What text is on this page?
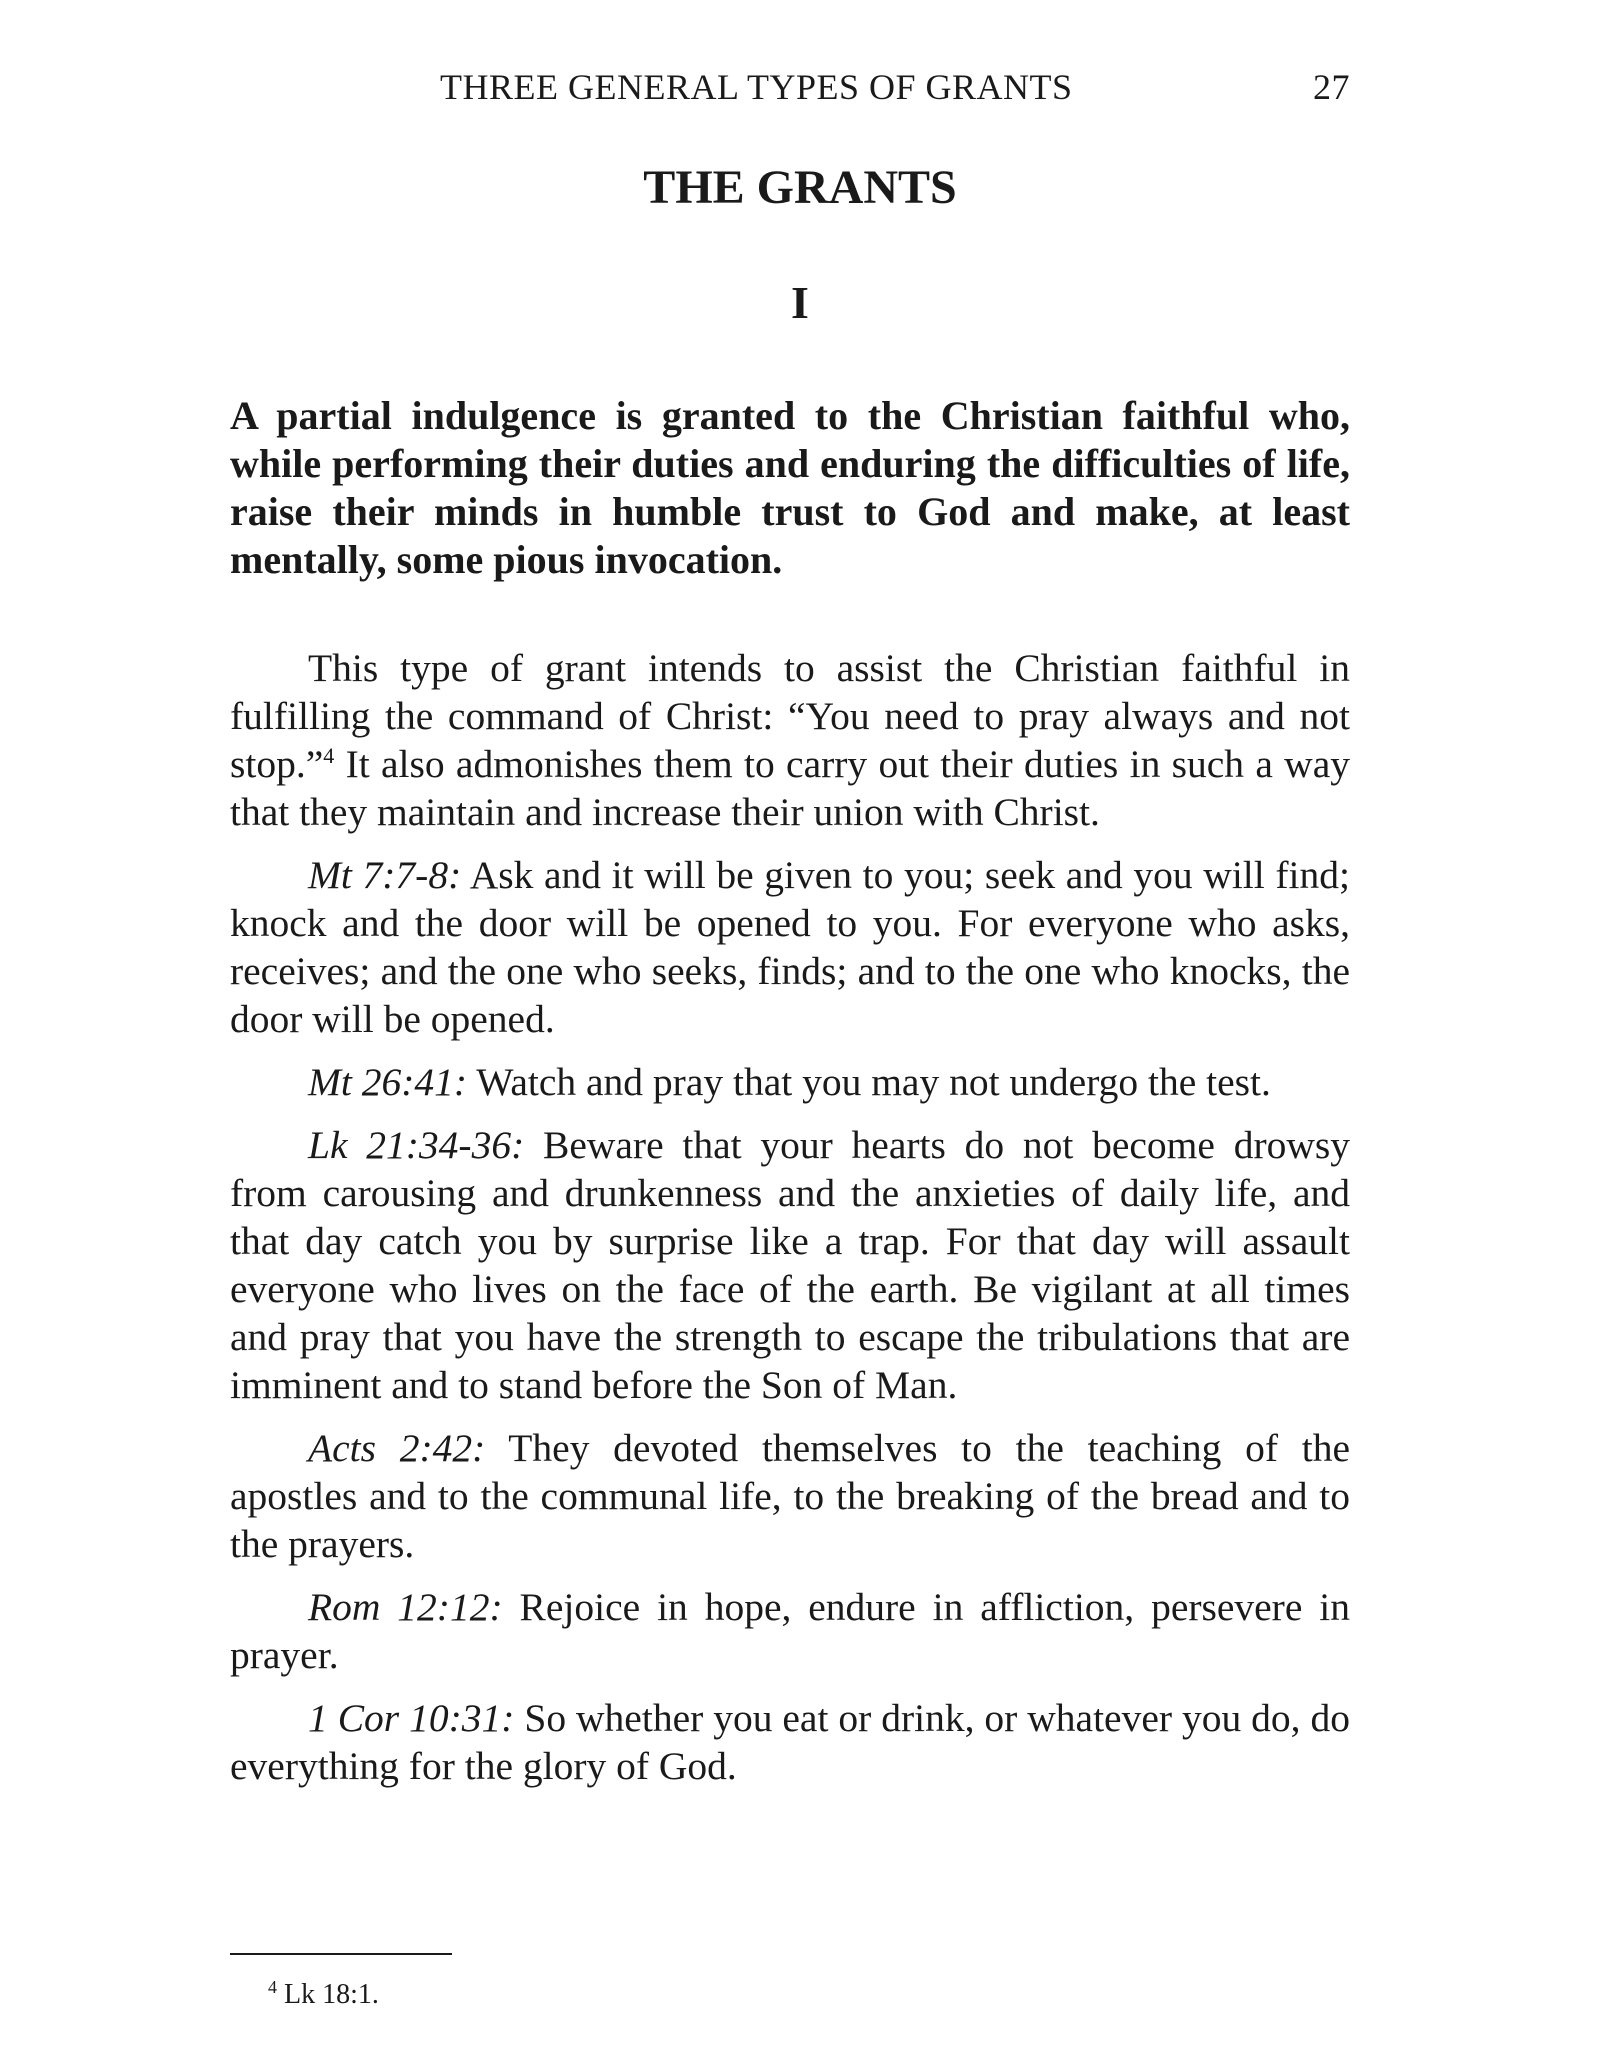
THREE GENERAL TYPES OF GRANTS	27
THE GRANTS
I

A partial indulgence is granted to the Christian faithful who, while performing their duties and enduring the difficulties of life, raise their minds in humble trust to God and make, at least mentally, some pious invocation.

This type of grant intends to assist the Christian faithful in fulfilling the command of Christ: “You need to pray always and not stop.”$^4$ It also admonishes them to carry out their duties in such a way that they maintain and increase their union with Christ.

Mt 7:7-8: Ask and it will be given to you; seek and you will find; knock and the door will be opened to you. For everyone who asks, receives; and the one who seeks, finds; and to the one who knocks, the door will be opened.

Mt 26:41: Watch and pray that you may not undergo the test.

Lk 21:34-36: Beware that your hearts do not become drowsy from carousing and drunkenness and the anxieties of daily life, and that day catch you by surprise like a trap. For that day will assault everyone who lives on the face of the earth. Be vigilant at all times and pray that you have the strength to escape the tribulations that are imminent and to stand before the Son of Man.

Acts 2:42: They devoted themselves to the teaching of the apostles and to the communal life, to the breaking of the bread and to the prayers.

Rom 12:12: Rejoice in hope, endure in affliction, persevere in prayer.

1 Cor 10:31: So whether you eat or drink, or whatever you do, do everything for the glory of God.

$^4$ Lk 18:1.
